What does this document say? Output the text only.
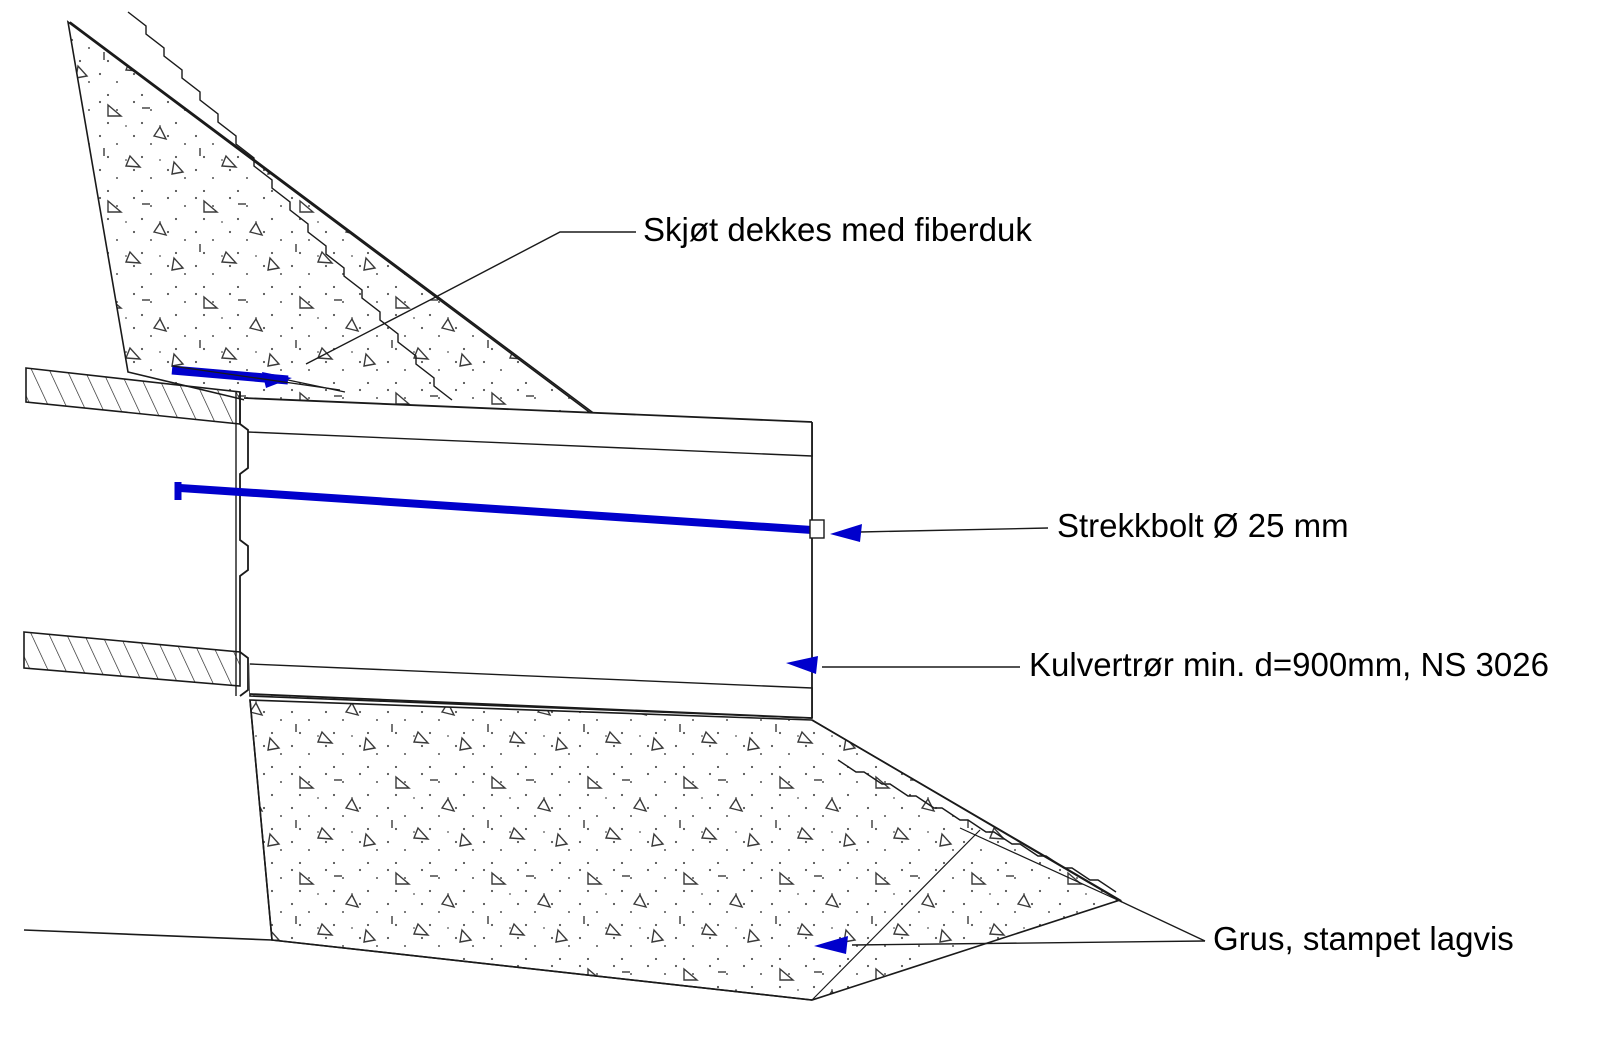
Skjøt dekkes med fiberduk
Strekkbolt Ø 25 mm
Kulvertrør min. d=900mm, NS 3026
Grus, stampet lagvis
